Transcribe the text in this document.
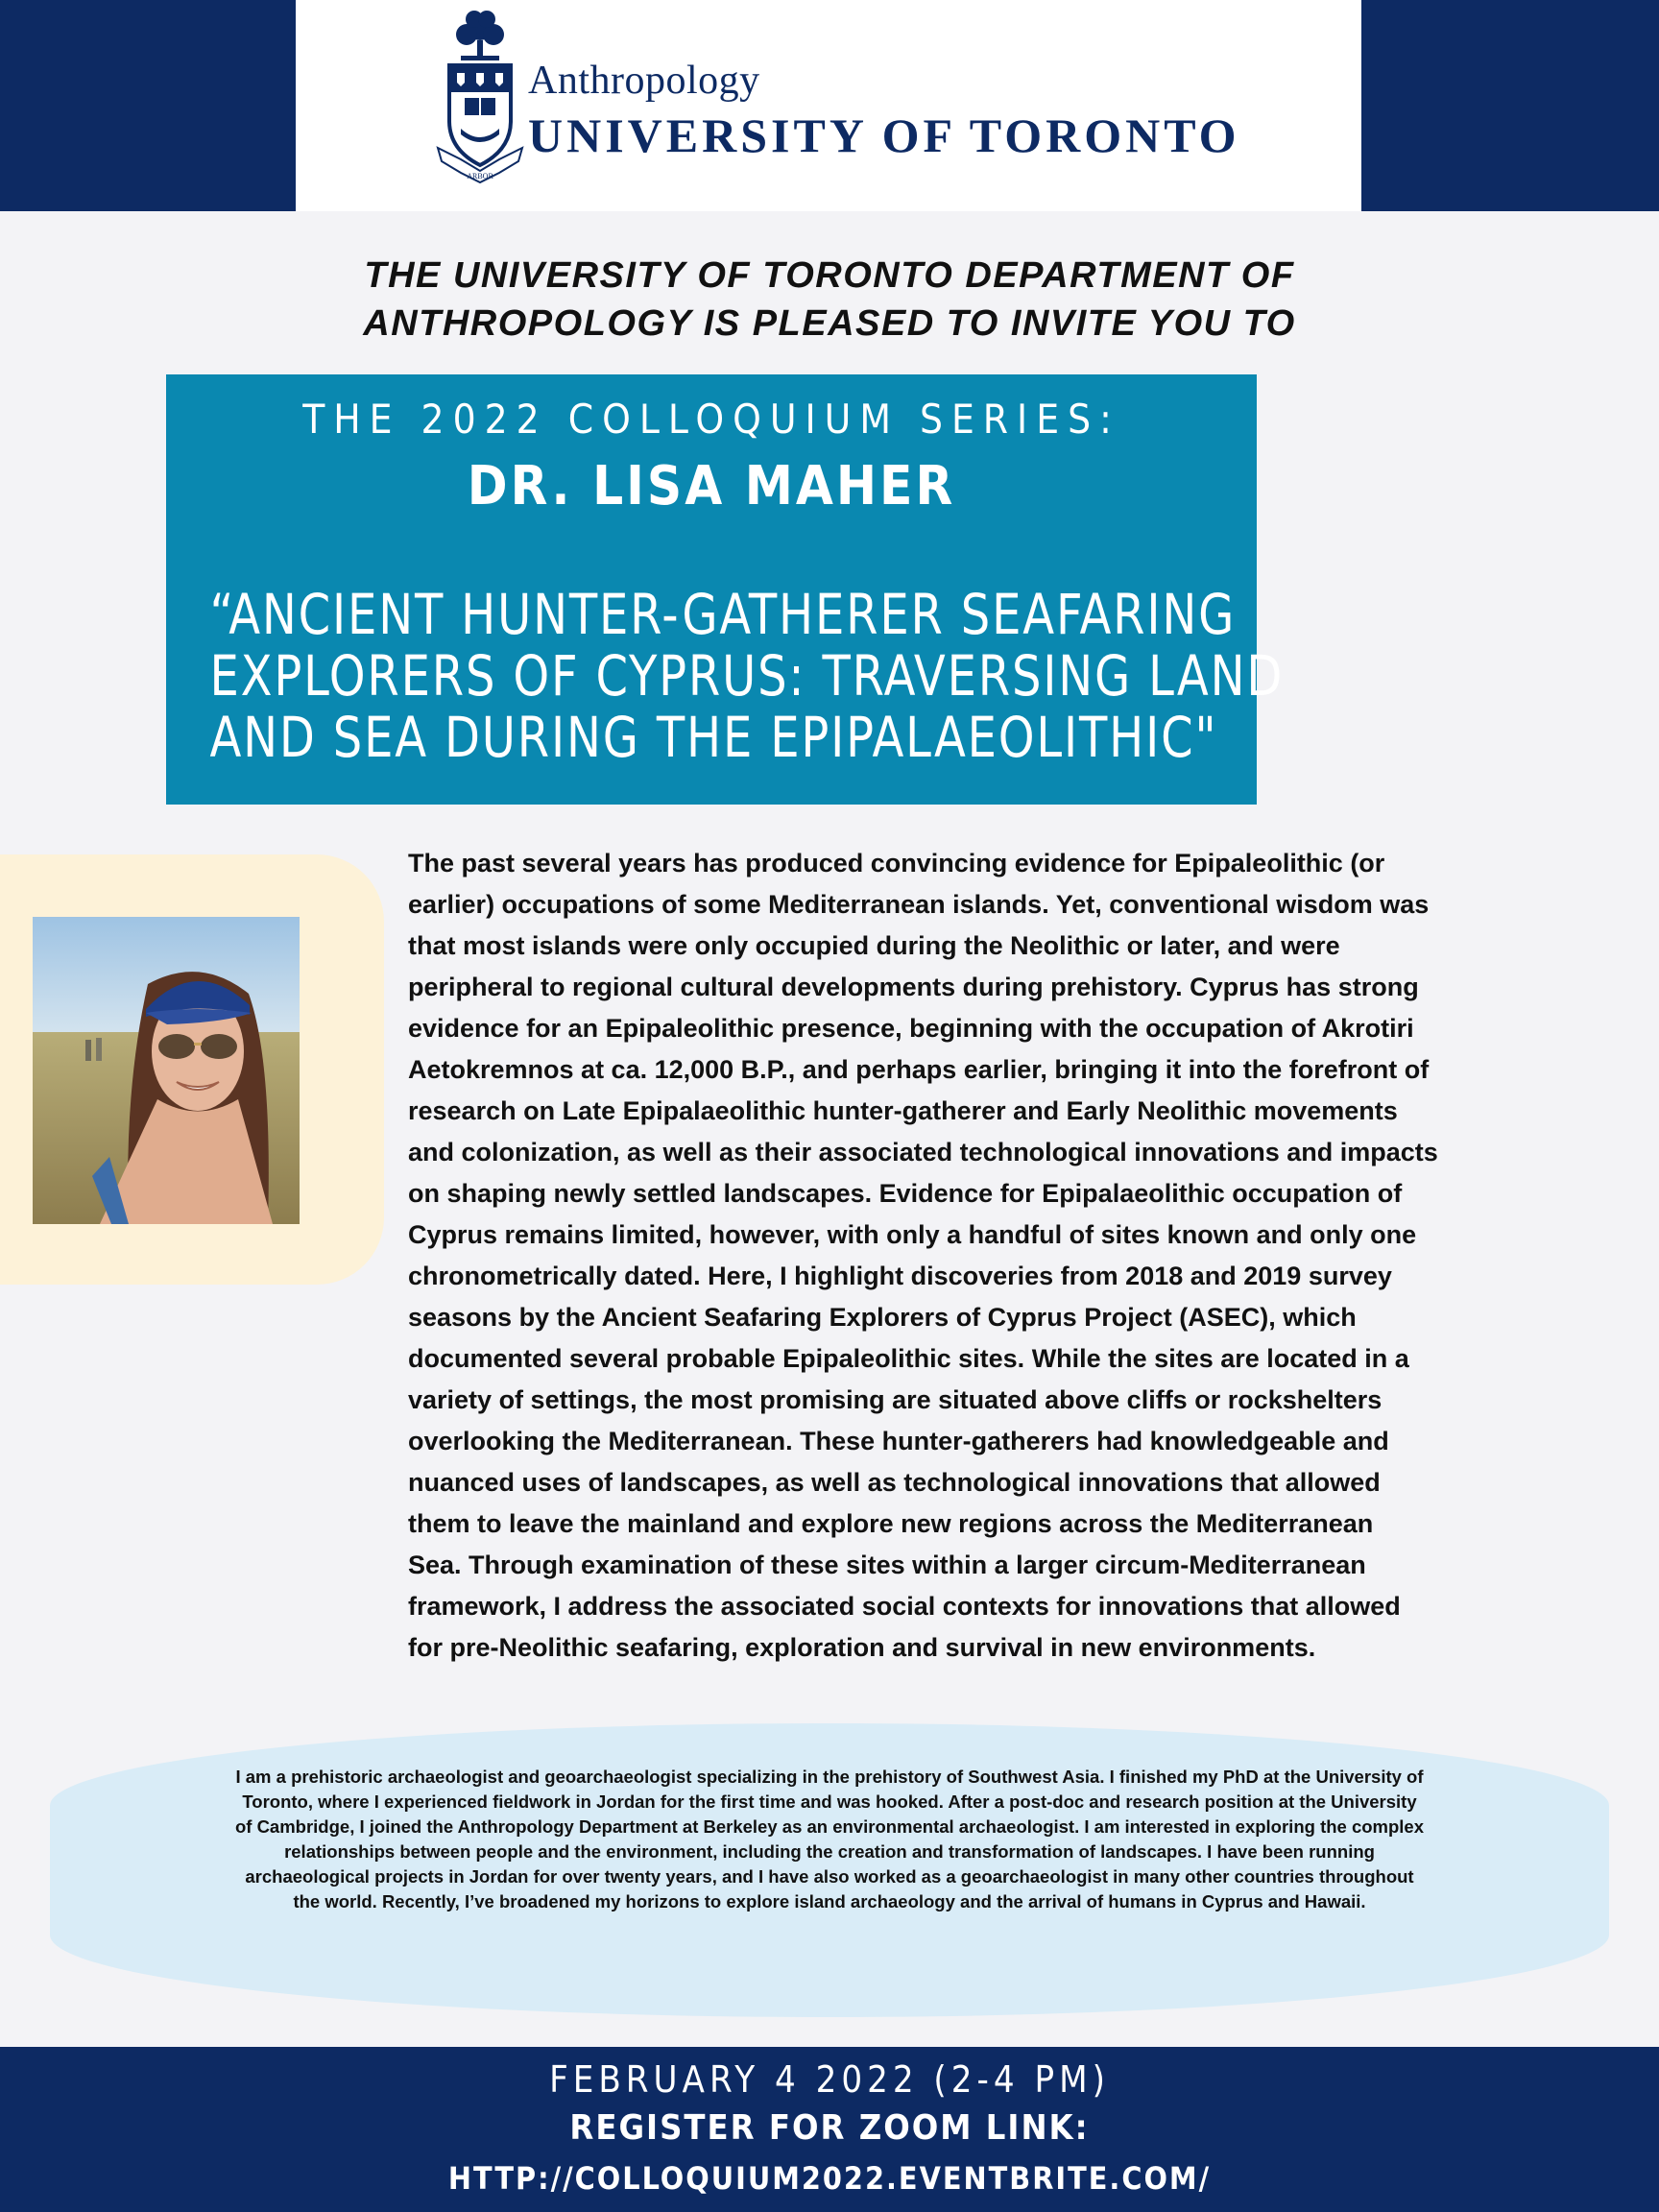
ARBOR
Anthropology
UNIVERSITY OF TORONTO
THE UNIVERSITY OF TORONTO DEPARTMENT OF
ANTHROPOLOGY IS PLEASED TO INVITE YOU TO
THE 2022 COLLOQUIUM SERIES:
DR. LISA MAHER
“ANCIENT HUNTER-GATHERER SEAFARING
EXPLORERS OF CYPRUS: TRAVERSING LAND
AND SEA DURING THE EPIPALAEOLITHIC"
The past several years has produced convincing evidence for Epipaleolithic (or
earlier) occupations of some Mediterranean islands. Yet, conventional wisdom was
that most islands were only occupied during the Neolithic or later, and were
peripheral to regional cultural developments during prehistory. Cyprus has strong
evidence for an Epipaleolithic presence, beginning with the occupation of Akrotiri
Aetokremnos at ca. 12,000 B.P., and perhaps earlier, bringing it into the forefront of
research on Late Epipalaeolithic hunter-gatherer and Early Neolithic movements
and colonization, as well as their associated technological innovations and impacts
on shaping newly settled landscapes. Evidence for Epipalaeolithic occupation of
Cyprus remains limited, however, with only a handful of sites known and only one
chronometrically dated. Here, I highlight discoveries from 2018 and 2019 survey
seasons by the Ancient Seafaring Explorers of Cyprus Project (ASEC), which
documented several probable Epipaleolithic sites. While the sites are located in a
variety of settings, the most promising are situated above cliffs or rockshelters
overlooking the Mediterranean. These hunter-gatherers had knowledgeable and
nuanced uses of landscapes, as well as technological innovations that allowed
them to leave the mainland and explore new regions across the Mediterranean
Sea. Through examination of these sites within a larger circum-Mediterranean
framework, I address the associated social contexts for innovations that allowed
for pre-Neolithic seafaring, exploration and survival in new environments.
I am a prehistoric archaeologist and geoarchaeologist specializing in the prehistory of Southwest Asia. I finished my PhD at the University of
Toronto, where I experienced fieldwork in Jordan for the first time and was hooked. After a post-doc and research position at the University
of Cambridge, I joined the Anthropology Department at Berkeley as an environmental archaeologist. I am interested in exploring the complex
relationships between people and the environment, including the creation and transformation of landscapes. I have been running
archaeological projects in Jordan for over twenty years, and I have also worked as a geoarchaeologist in many other countries throughout
the world. Recently, I’ve broadened my horizons to explore island archaeology and the arrival of humans in Cyprus and Hawaii.
FEBRUARY 4 2022 (2-4 PM)
REGISTER FOR ZOOM LINK:
HTTP://COLLOQUIUM2022.EVENTBRITE.COM/
